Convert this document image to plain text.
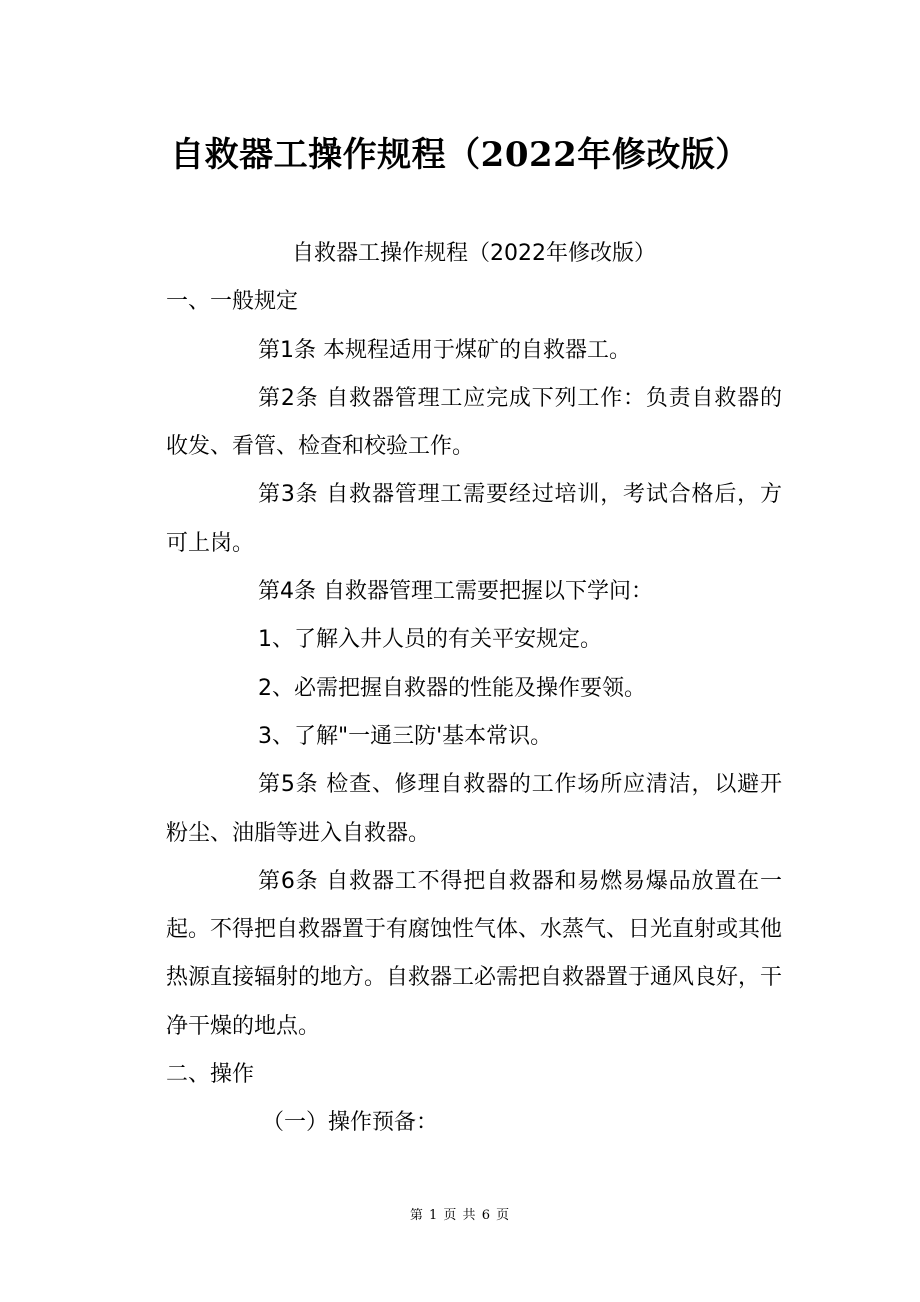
自救器工操作规程（2022年修改版）

自救器工操作规程（2022年修改版）

一、一般规定

第1条 本规程适用于煤矿的自救器工。

第2条 自救器管理工应完成下列工作：负责自救器的收发、看管、检查和校验工作。

第3条 自救器管理工需要经过培训，考试合格后，方可上岗。

第4条 自救器管理工需要把握以下学问：

1、了解入井人员的有关平安规定。

2、必需把握自救器的性能及操作要领。

3、了解"一通三防'基本常识。

第5条 检查、修理自救器的工作场所应清洁，以避开粉尘、油脂等进入自救器。

第6条 自救器工不得把自救器和易燃易爆品放置在一起。不得把自救器置于有腐蚀性气体、水蒸气、日光直射或其他热源直接辐射的地方。自救器工必需把自救器置于通风良好，干净干燥的地点。

二、操作

（一）操作预备：

第 1 页 共 6 页
